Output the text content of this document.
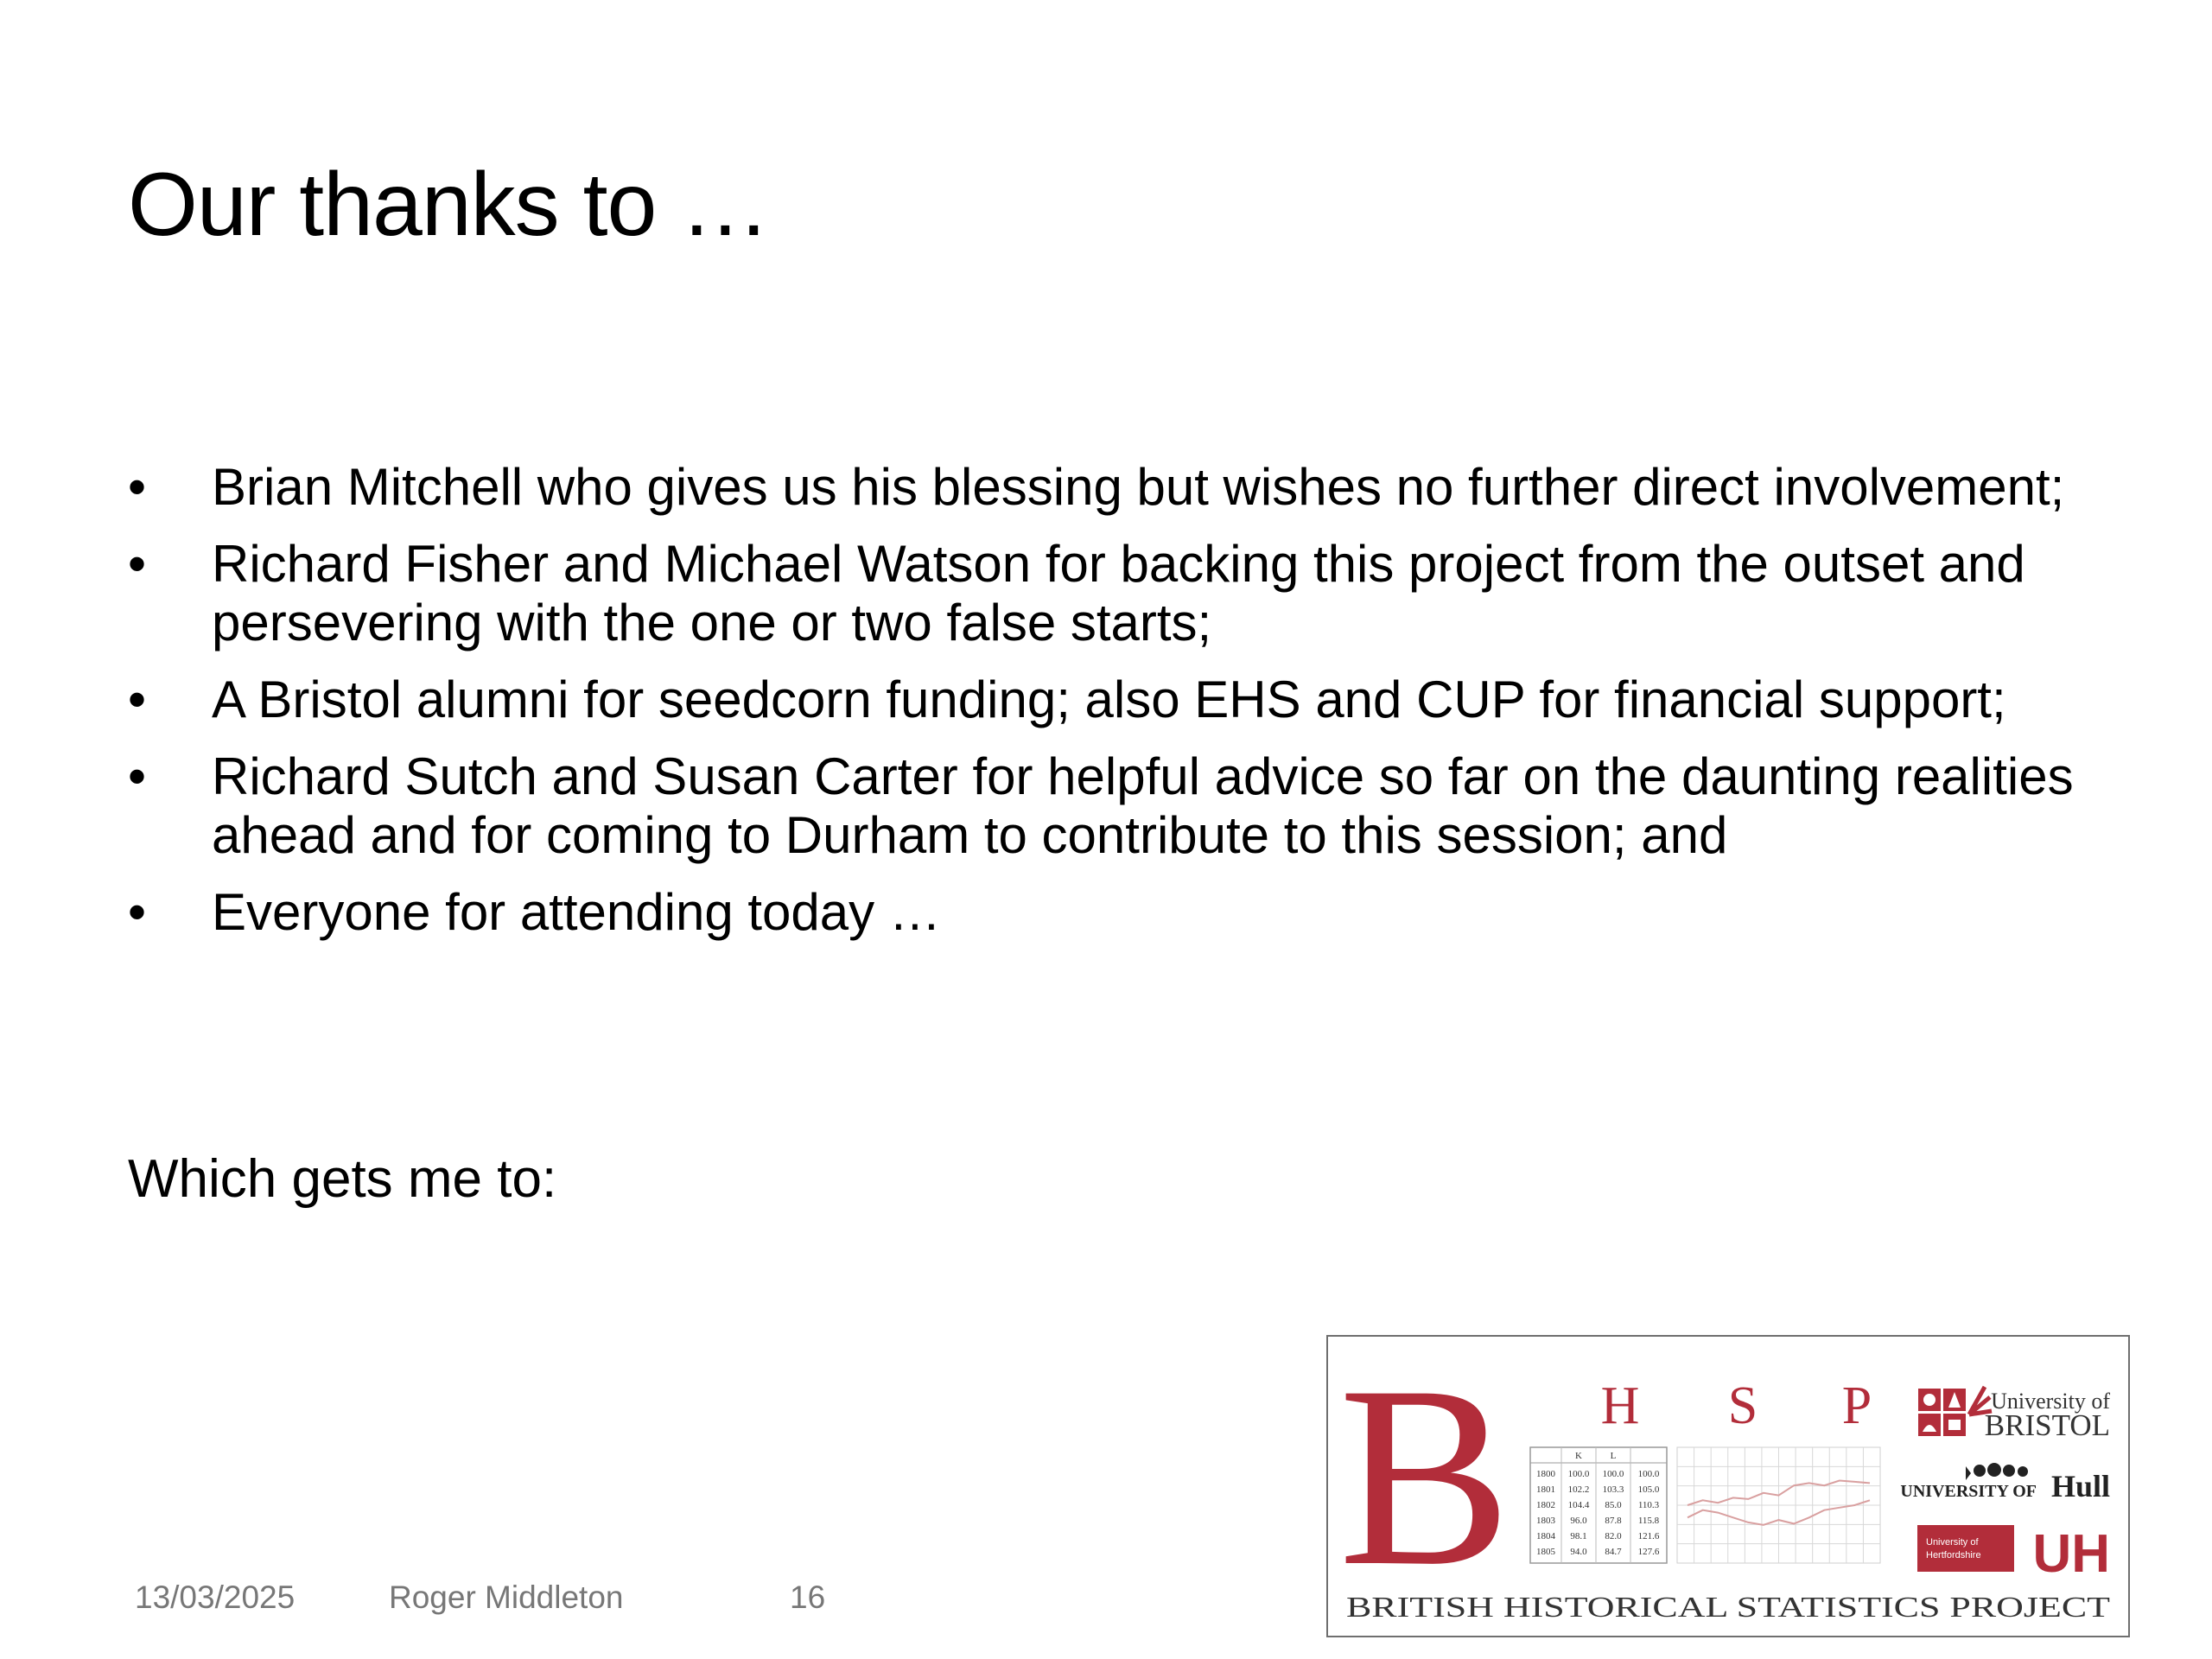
Our thanks to …
•	Brian Mitchell who gives us his blessing but wishes no further direct involvement;
•	Richard Fisher and Michael Watson for backing this project from the outset and persevering with the one or two false starts;
•	A Bristol alumni for seedcorn funding; also EHS and CUP for financial support;
•	Richard Sutch and Susan Carter for helpful advice so far on the daunting realities ahead and for coming to Durham to contribute to this session; and
•	Everyone for attending today …
Which gets me to:
13/03/2025	Roger Middleton	16 B H S P
K	L
1800 100.0 100.0 100.0
1801 102.2 103.3 105.0
1802 104.4 85.0 110.3
1803 96.0 87.8 115.8
1804 98.1 82.0 121.6
1805 94.0 84.7 127.6
University of
BRISTOL
UNIVERSITY OF Hull
University of
Hertfordshire UH
BRITISH HISTORICAL STATISTICS PROJECT
